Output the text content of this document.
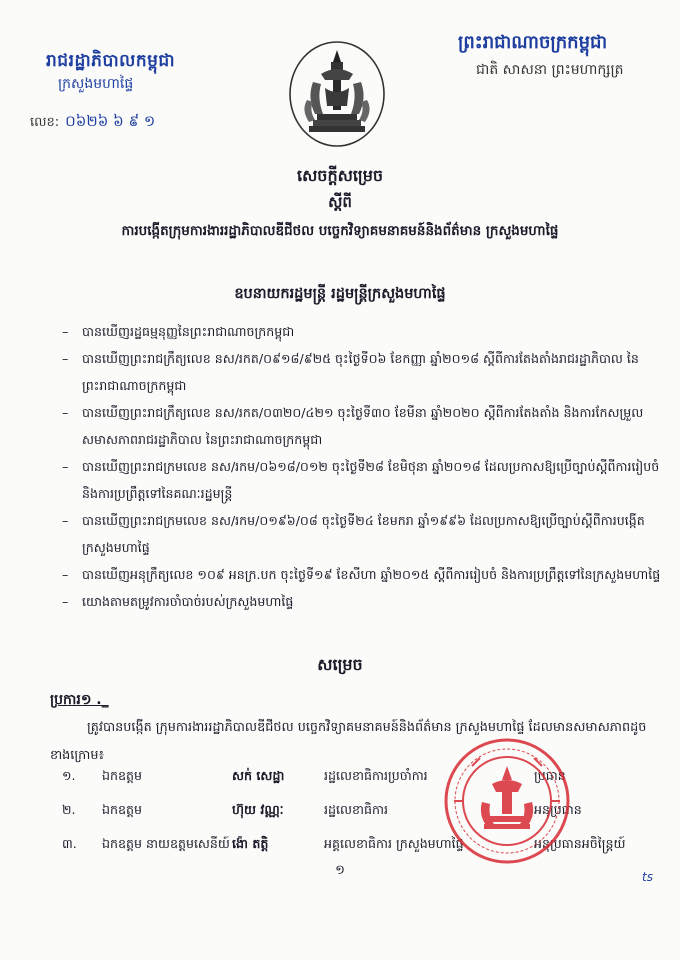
រាជរដ្ឋាភិបាលកម្ពុជា
ក្រសួងមហាផ្ទៃ
លេខ: ០៦២៦ ៦ ៩ ១
ព្រះរាជាណាចក្រកម្ពុជា
ជាតិ សាសនា ព្រះមហាក្សត្រ
សេចក្តីសម្រេច
ស្តីពី
ការបង្កើតក្រុមការងាររដ្ឋាភិបាលឌីជីថល បច្ចេកវិទ្យាគមនាគមន៍និងព័ត៌មាន ក្រសួងមហាផ្ទៃ
ឧបនាយករដ្ឋមន្ត្រី រដ្ឋមន្ត្រីក្រសួងមហាផ្ទៃ
– បានឃើញរដ្ឋធម្មនុញ្ញនៃព្រះរាជាណាចក្រកម្ពុជា
– បានឃើញព្រះរាជក្រឹត្យលេខ នស/រកត/០៩១៨/៩២៥ ចុះថ្ងៃទី០៦ ខែកញ្ញា ឆ្នាំ២០១៨ ស្តីពីការតែងតាំងរាជរដ្ឋាភិបាល នៃព្រះរាជាណាចក្រកម្ពុជា
– បានឃើញព្រះរាជក្រឹត្យលេខ នស/រកត/០៣២០/៤២១ ចុះថ្ងៃទី៣០ ខែមីនា ឆ្នាំ២០២០ ស្តីពីការតែងតាំង និងការកែសម្រួលសមាសភាពរាជរដ្ឋាភិបាល នៃព្រះរាជាណាចក្រកម្ពុជា
– បានឃើញព្រះរាជក្រមលេខ នស/រកម/០៦១៨/០១២ ចុះថ្ងៃទី២៨ ខែមិថុនា ឆ្នាំ២០១៨ ដែលប្រកាសឱ្យប្រើច្បាប់ស្តីពីការរៀបចំ និងការប្រព្រឹត្តទៅនៃគណៈរដ្ឋមន្ត្រី
– បានឃើញព្រះរាជក្រមលេខ នស/រកម/០១៩៦/០៨ ចុះថ្ងៃទី២៤ ខែមករា ឆ្នាំ១៩៩៦ ដែលប្រកាសឱ្យប្រើច្បាប់ស្តីពីការបង្កើតក្រសួងមហាផ្ទៃ
– បានឃើញអនុក្រឹត្យលេខ ១០៩ អនក្រ.បក ចុះថ្ងៃទី១៩ ខែសីហា ឆ្នាំ២០១៥ ស្តីពីការរៀបចំ និងការប្រព្រឹត្តទៅនៃក្រសួងមហាផ្ទៃ
– យោងតាមតម្រូវការចាំបាច់របស់ក្រសួងមហាផ្ទៃ
សម្រេច
ប្រការ១ ._
ត្រូវបានបង្កើត ក្រុមការងាររដ្ឋាភិបាលឌីជីថល បច្ចេកវិទ្យាគមនាគមន៍និងព័ត៌មាន ក្រសួងមហាផ្ទៃ ដែលមានសមាសភាពដូចខាងក្រោម៖
១. ឯកឧត្តម	សក់ សេដ្ឋា	រដ្ឋលេខាធិការប្រចាំការ	ប្រធាន
២. ឯកឧត្តម	ហ៊ុយ វណ្ណៈ	រដ្ឋលេខាធិការ	អនុប្រធាន
៣. ឯកឧត្តម នាយឧត្តមសេនីយ៍ ង៉ោ តត្តិ	អគ្គលេខាធិការ ក្រសួងមហាផ្ទៃ	អនុប្រធានអចិន្ត្រៃយ៍
១	ts
